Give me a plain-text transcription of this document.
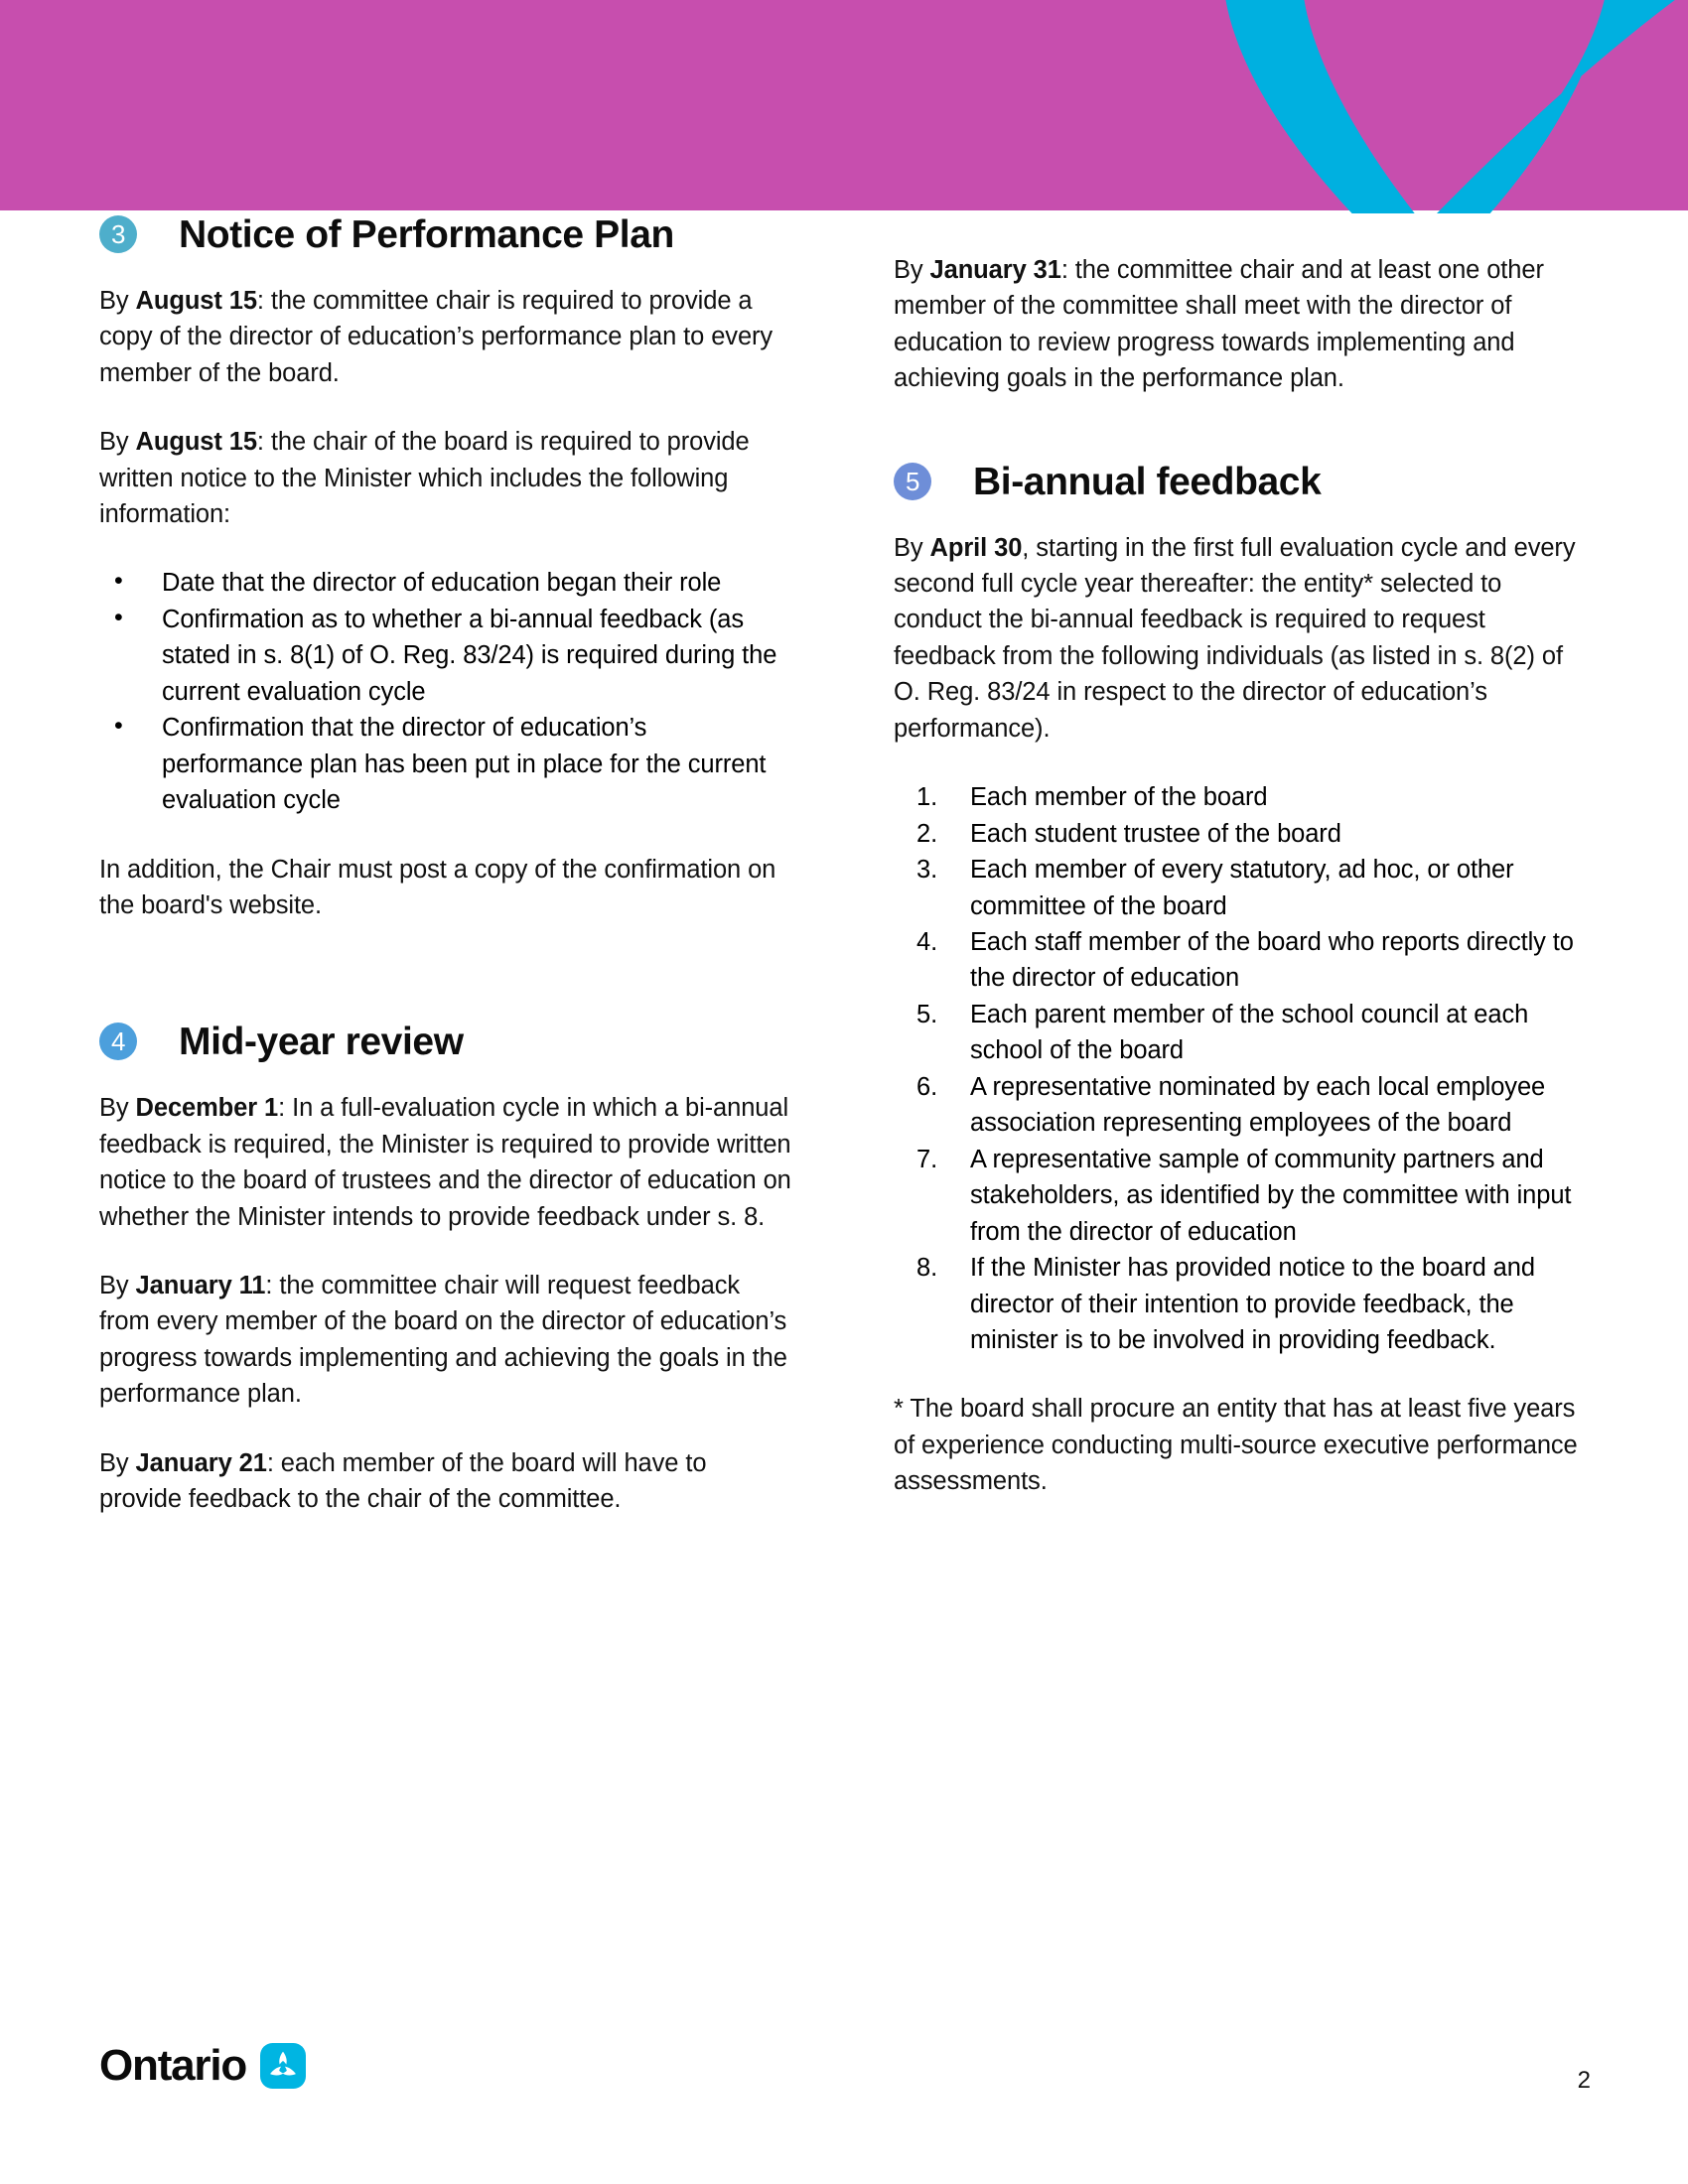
3 Notice of Performance Plan

By August 15: the committee chair is required to provide a copy of the director of education’s performance plan to every member of the board.

By August 15: the chair of the board is required to provide written notice to the Minister which includes the following information:

• Date that the director of education began their role
• Confirmation as to whether a bi-annual feedback (as stated in s. 8(1) of O. Reg. 83/24) is required during the current evaluation cycle
• Confirmation that the director of education’s performance plan has been put in place for the current evaluation cycle

In addition, the Chair must post a copy of the confirmation on the board's website.

4 Mid-year review

By December 1: In a full-evaluation cycle in which a bi-annual feedback is required, the Minister is required to provide written notice to the board of trustees and the director of education on whether the Minister intends to provide feedback under s. 8.

By January 11: the committee chair will request feedback from every member of the board on the director of education’s progress towards implementing and achieving the goals in the performance plan.

By January 21: each member of the board will have to provide feedback to the chair of the committee.

By January 31: the committee chair and at least one other member of the committee shall meet with the director of education to review progress towards implementing and achieving goals in the performance plan.

5 Bi-annual feedback

By April 30, starting in the first full evaluation cycle and every second full cycle year thereafter: the entity* selected to conduct the bi-annual feedback is required to request feedback from the following individuals (as listed in s. 8(2) of O. Reg. 83/24 in respect to the director of education’s performance).

Each member of the board
Each student trustee of the board
Each member of every statutory, ad hoc, or other committee of the board
Each staff member of the board who reports directly to the director of education
Each parent member of the school council at each school of the board
A representative nominated by each local employee association representing employees of the board
A representative sample of community partners and stakeholders, as identified by the committee with input from the director of education
If the Minister has provided notice to the board and director of their intention to provide feedback, the minister is to be involved in providing feedback.

* The board shall procure an entity that has at least five years of experience conducting multi-source executive performance assessments.

Ontario	2
